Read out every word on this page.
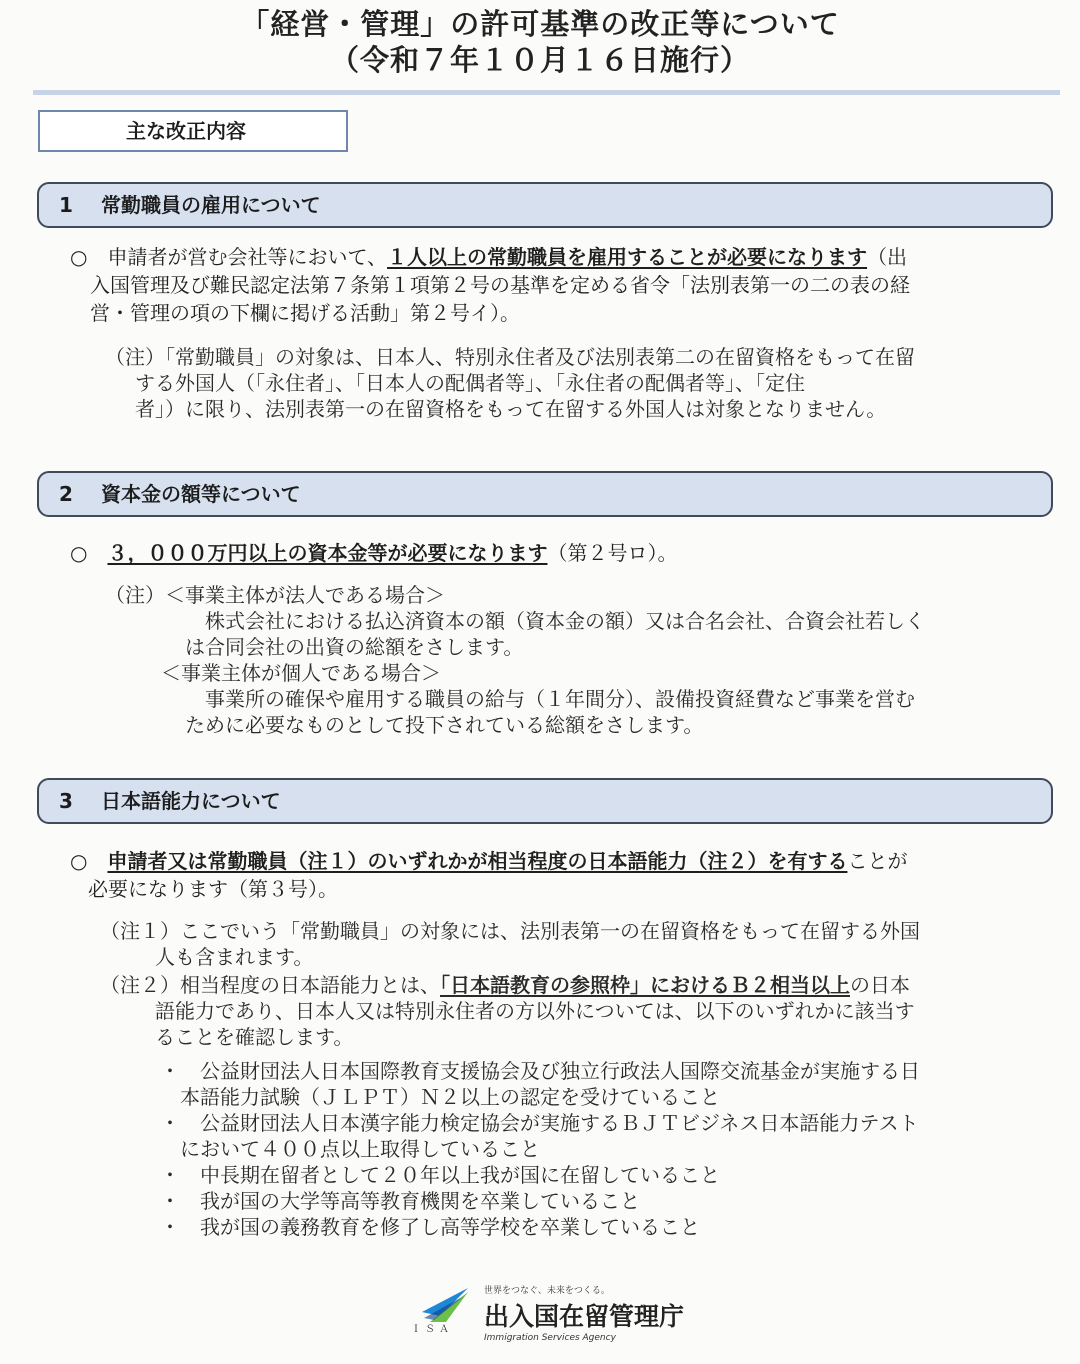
「経営・管理」の許可基準の改正等について
（令和７年１０月１６日施行）
主な改正内容
1 常勤職員の雇用について
○　 申請者が営む会社等において、１人以上の常勤職員を雇用することが必要になります（出
入国管理及び難民認定法第７条第１項第２号の基準を定める省令「法別表第一の二の表の経
営・管理の項の下欄に掲げる活動」第２号イ）。
（注）「常勤職員」の対象は、日本人、特別永住者及び法別表第二の在留資格をもって在留
する外国人（「永住者」、「日本人の配偶者等」、「永住者の配偶者等」、「定住
者」）に限り、法別表第一の在留資格をもって在留する外国人は対象となりません。
2 資本金の額等について
○　 ３，０００万円以上の資本金等が必要になります（第２号ロ）。
（注）＜事業主体が法人である場合＞
株式会社における払込済資本の額（資本金の額）又は合名会社、合資会社若しく
は合同会社の出資の総額をさします。
＜事業主体が個人である場合＞
事業所の確保や雇用する職員の給与（１年間分）、設備投資経費など事業を営む
ために必要なものとして投下されている総額をさします。
3 日本語能力について
○　 申請者又は常勤職員（注１）のいずれかが相当程度の日本語能力（注２）を有することが
必要になります（第３号）。
（注１）ここでいう「常勤職員」の対象には、法別表第一の在留資格をもって在留する外国
人も含まれます。
（注２）相当程度の日本語能力とは、「日本語教育の参照枠」におけるＢ２相当以上の日本
語能力であり、日本人又は特別永住者の方以外については、以下のいずれかに該当す
ることを確認します。
・　 公益財団法人日本国際教育支援協会及び独立行政法人国際交流基金が実施する日
本語能力試験（ＪＬＰＴ）Ｎ２以上の認定を受けていること
・　 公益財団法人日本漢字能力検定協会が実施するＢＪＴビジネス日本語能力テスト
において４００点以上取得していること
・　 中長期在留者として２０年以上我が国に在留していること
・　 我が国の大学等高等教育機関を卒業していること
・　 我が国の義務教育を修了し高等学校を卒業していること
ＩＳＡ
世界をつなぐ、未来をつくる。
出入国在留管理庁
Immigration Services Agency
